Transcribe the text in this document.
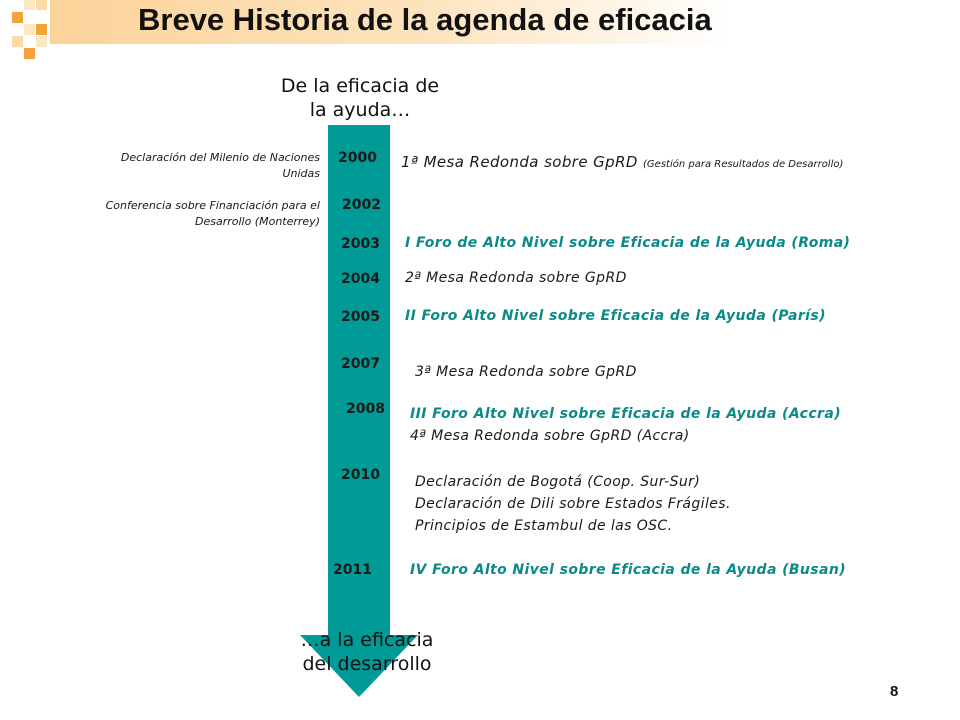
Breve Historia de la agenda de eficacia
De la eficacia de
la ayuda…
…a la eficacia
del desarrollo
Declaración del Milenio de Naciones
Unidas
Conferencia sobre Financiación para el
Desarrollo (Monterrey)
2000
2002
2003
2004
2005
2007
2008
2010
2011
1ª Mesa Redonda sobre GpRD (Gestión para Resultados de Desarrollo)
I Foro de Alto Nivel sobre Eficacia de la Ayuda (Roma)
2ª Mesa Redonda sobre GpRD
II Foro Alto Nivel sobre Eficacia de la Ayuda (París)
3ª Mesa Redonda sobre GpRD
III Foro Alto Nivel sobre Eficacia de la Ayuda (Accra)
4ª Mesa Redonda sobre GpRD (Accra)
Declaración de Bogotá (Coop. Sur-Sur)
Declaración de Dili sobre Estados Frágiles.
Principios de Estambul de las OSC.
IV Foro Alto Nivel sobre Eficacia de la Ayuda (Busan)
8
